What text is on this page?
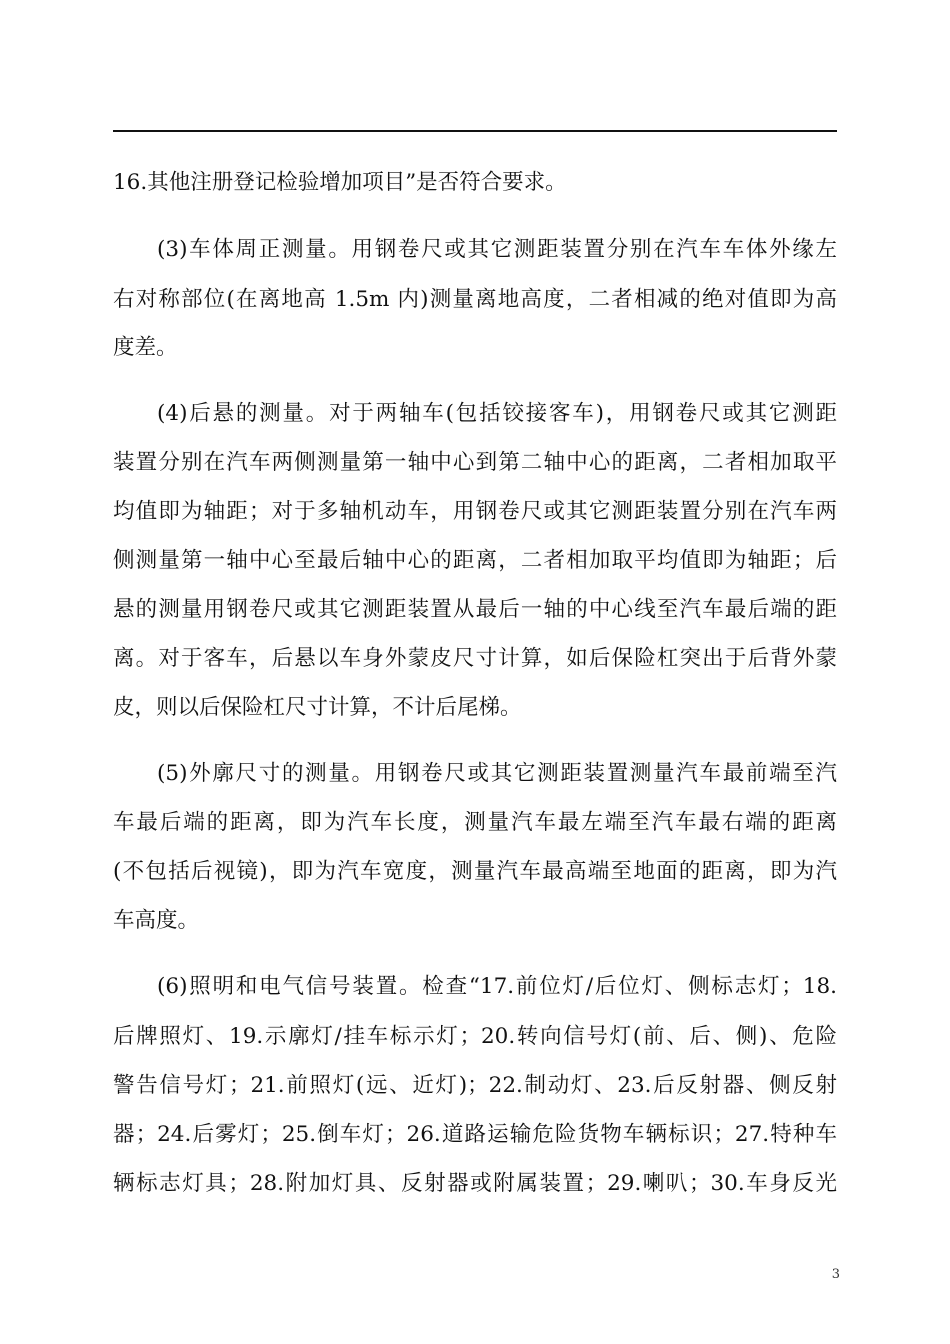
16.其他注册登记检验增加项目”是否符合要求。
(3)车体周正测量。用钢卷尺或其它测距装置分别在汽车车体外缘左
右对称部位(在离地高 1.5m 内)测量离地高度，二者相减的绝对值即为高
度差。
(4)后悬的测量。对于两轴车(包括铰接客车)，用钢卷尺或其它测距
装置分别在汽车两侧测量第一轴中心到第二轴中心的距离，二者相加取平
均值即为轴距；对于多轴机动车，用钢卷尺或其它测距装置分别在汽车两
侧测量第一轴中心至最后轴中心的距离，二者相加取平均值即为轴距；后
悬的测量用钢卷尺或其它测距装置从最后一轴的中心线至汽车最后端的距
离。对于客车，后悬以车身外蒙皮尺寸计算，如后保险杠突出于后背外蒙
皮，则以后保险杠尺寸计算，不计后尾梯。
(5)外廓尺寸的测量。用钢卷尺或其它测距装置测量汽车最前端至汽
车最后端的距离，即为汽车长度，测量汽车最左端至汽车最右端的距离
(不包括后视镜)，即为汽车宽度，测量汽车最高端至地面的距离，即为汽
车高度。
(6)照明和电气信号装置。检查“17.前位灯/后位灯、侧标志灯；18.
后牌照灯、19.示廓灯/挂车标示灯；20.转向信号灯(前、后、侧)、危险
警告信号灯；21.前照灯(远、近灯)；22.制动灯、23.后反射器、侧反射
器；24.后雾灯；25.倒车灯；26.道路运输危险货物车辆标识；27.特种车
辆标志灯具；28.附加灯具、反射器或附属装置；29.喇叭；30.车身反光
3
